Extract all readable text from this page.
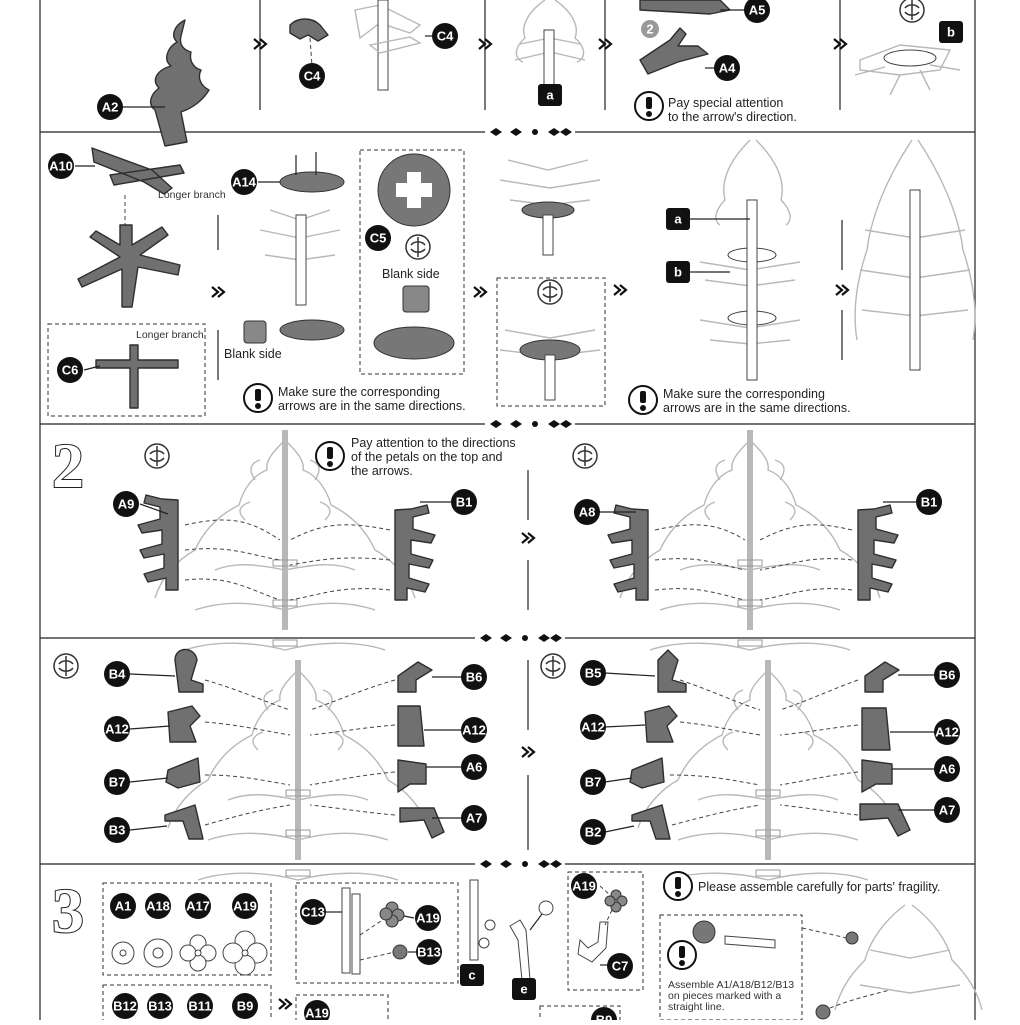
A2
C4
C4
a
2
A5
A4
Pay special attention
to the arrow's direction.
b
A10
Longer branch
Longer branch
C6
A14
Blank side
C5
Blank side
Make sure the corresponding
arrows are in the same directions.
a
b
Make sure the corresponding
arrows are in the same directions.
2	Pay attention to the directions
of the petals on the top and
the arrows.
A9	B1
A8
B1
B4
A12
B7
B3
B6
A12
A6
A7
B5
A12
B7
B2
B6
A12
A6
A7
3 A1 A18 A17 A19
B12 B13 B11 B9
C13	A19
B13
c
e
A19
C7
B9
A19
Please assemble carefully for parts' fragility.
Assemble A1/A18/B12/B13
on pieces marked with a
straight line.
